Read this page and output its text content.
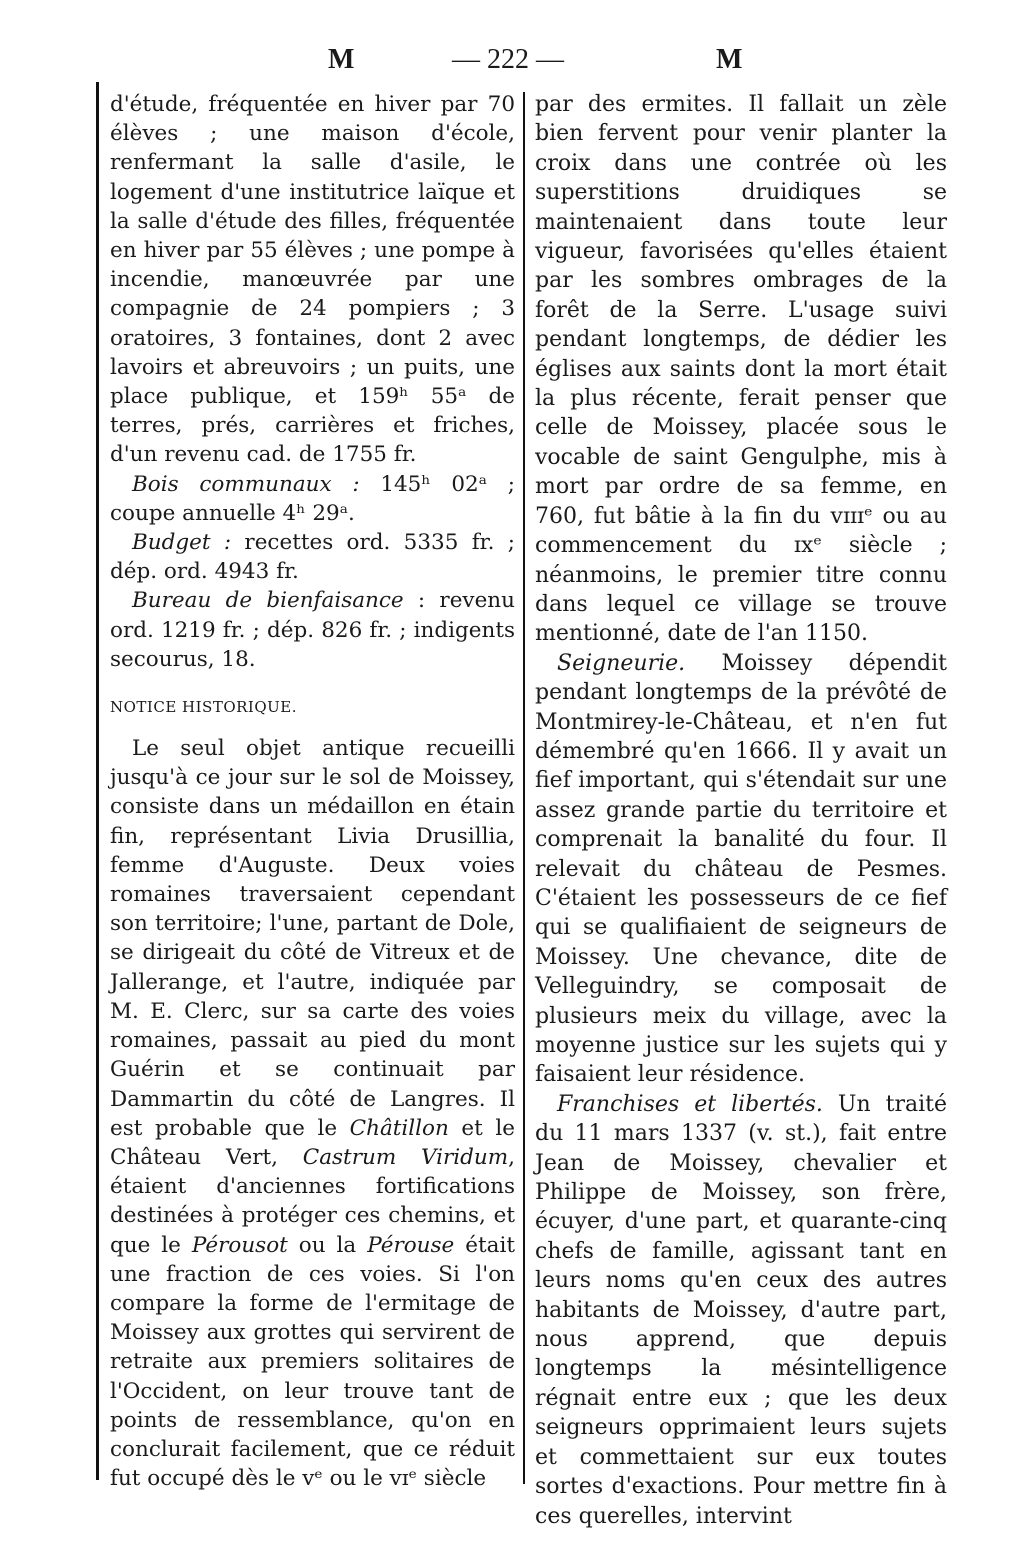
M	— 222 —	M

d'étude, fréquentée en hiver par 70 élèves ; une maison d'école, renfermant la salle d'asile, le logement d'une institutrice laïque et la salle d'étude des filles, fréquentée en hiver par 55 élèves ; une pompe à incendie, manœuvrée par une compagnie de 24 pompiers ; 3 oratoires, 3 fontaines, dont 2 avec lavoirs et abreuvoirs ; un puits, une place publique, et 159ʰ 55ᵃ de terres, prés, carrières et friches, d'un revenu cad. de 1755 fr.

Bois communaux : 145ʰ 02ᵃ ; coupe annuelle 4ʰ 29ᵃ.

Budget : recettes ord. 5335 fr. ; dép. ord. 4943 fr.

Bureau de bienfaisance : revenu ord. 1219 fr. ; dép. 826 fr. ; indigents secourus, 18.

NOTICE HISTORIQUE.

Le seul objet antique recueilli jusqu'à ce jour sur le sol de Moissey, consiste dans un médaillon en étain fin, représentant Livia Drusillia, femme d'Auguste. Deux voies romaines traversaient cependant son territoire; l'une, partant de Dole, se dirigeait du côté de Vitreux et de Jallerange, et l'autre, indiquée par M. E. Clerc, sur sa carte des voies romaines, passait au pied du mont Guérin et se continuait par Dammartin du côté de Langres. Il est probable que le Châtillon et le Château Vert, Castrum Viridum, étaient d'anciennes fortifications destinées à protéger ces chemins, et que le Pérousot ou la Pérouse était une fraction de ces voies. Si l'on compare la forme de l'ermitage de Moissey aux grottes qui servirent de retraite aux premiers solitaires de l'Occident, on leur trouve tant de points de ressemblance, qu'on en conclurait facilement, que ce réduit fut occupé dès le vᵉ ou le vɪᵉ siècle

par des ermites. Il fallait un zèle bien fervent pour venir planter la croix dans une contrée où les superstitions druidiques se maintenaient dans toute leur vigueur, favorisées qu'elles étaient par les sombres ombrages de la forêt de la Serre. L'usage suivi pendant longtemps, de dédier les églises aux saints dont la mort était la plus récente, ferait penser que celle de Moissey, placée sous le vocable de saint Gengulphe, mis à mort par ordre de sa femme, en 760, fut bâtie à la fin du vɪɪɪᵉ ou au commencement du ɪxᵉ siècle ; néanmoins, le premier titre connu dans lequel ce village se trouve mentionné, date de l'an 1150.

Seigneurie. Moissey dépendit pendant longtemps de la prévôté de Montmirey-le-Château, et n'en fut démembré qu'en 1666. Il y avait un fief important, qui s'étendait sur une assez grande partie du territoire et comprenait la banalité du four. Il relevait du château de Pesmes. C'étaient les possesseurs de ce fief qui se qualifiaient de seigneurs de Moissey. Une chevance, dite de Velleguindry, se composait de plusieurs meix du village, avec la moyenne justice sur les sujets qui y faisaient leur résidence.

Franchises et libertés. Un traité du 11 mars 1337 (v. st.), fait entre Jean de Moissey, chevalier et Philippe de Moissey, son frère, écuyer, d'une part, et quarante-cinq chefs de famille, agissant tant en leurs noms qu'en ceux des autres habitants de Moissey, d'autre part, nous apprend, que depuis longtemps la mésintelligence régnait entre eux ; que les deux seigneurs opprimaient leurs sujets et commettaient sur eux toutes sortes d'exactions. Pour mettre fin à ces querelles, intervint
